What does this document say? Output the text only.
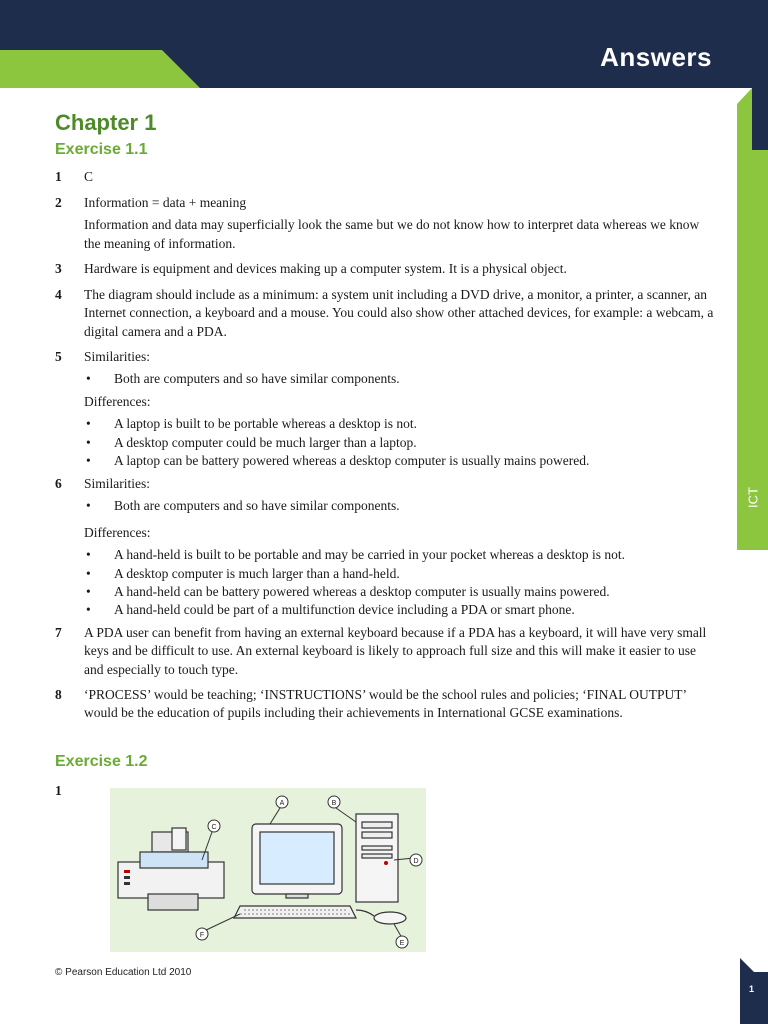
Answers
ICT
Chapter 1
Exercise 1.1
1 C

2 Information = data + meaning

Information and data may superficially look the same but we do not know how to interpret data whereas we know the meaning of information.

3 Hardware is equipment and devices making up a computer system. It is a physical object.

4 The diagram should include as a minimum: a system unit including a DVD drive, a monitor, a printer, a scanner, an Internet connection, a keyboard and a mouse. You could also show other attached devices, for example: a webcam, a digital camera and a PDA.

5 Similarities:

• Both are computers and so have similar components.

Differences:

• A laptop is built to be portable whereas a desktop is not.
• A desktop computer could be much larger than a laptop.
• A laptop can be battery powered whereas a desktop computer is usually mains powered.
6 Similarities:

• Both are computers and so have similar components.

Differences:

• A hand-held is built to be portable and may be carried in your pocket whereas a desktop is not.
• A desktop computer is much larger than a hand-held.
• A hand-held can be battery powered whereas a desktop computer is usually mains powered.
• A hand-held could be part of a multifunction device including a PDA or smart phone.
7 A PDA user can benefit from having an external keyboard because if a PDA has a keyboard, it will have very small keys and be difficult to use. An external keyboard is likely to approach full size and this will make it easier to use and especially to touch type.

8 ‘PROCESS’ would be teaching; ‘INSTRUCTIONS’ would be the school rules and policies; ‘FINAL OUTPUT’ would be the education of pupils including their achievements in International GCSE examinations.

Exercise 1.2
1
A	B
C
D
E
F
© Pearson Education Ltd 2010
1
